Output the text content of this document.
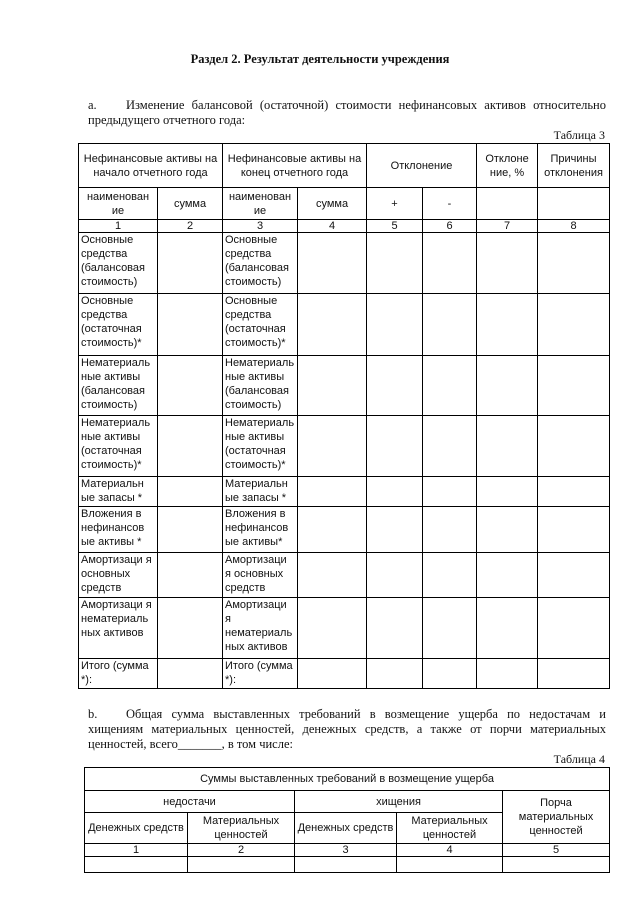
Раздел 2. Результат деятельности учреждения
a. Изменение балансовой (остаточной) стоимости нефинансовых активов относительно предыдущего отчетного года:
Таблица 3
Нефинансовые активы на начало отчетного года		Нефинансовые активы на конец отчетного года		Отклонение		Отклоне ние, %	Причины отклонения
наименован ие	сумма	наименован ие	сумма	+	-		
1	2	3	4	5	6	7	8
Основные средства (балансовая стоимость)		Основные средства (балансовая стоимость)					
Основные средства (остаточная стоимость)*		Основные средства (остаточная стоимость)*					
Нематериаль ные активы (балансовая стоимость)		Нематериаль ные активы (балансовая стоимость)					
Нематериаль ные активы (остаточная стоимость)*		Нематериаль ные активы (остаточная стоимость)*					
Материальн ые запасы *		Материальн ые запасы *					
Вложения в нефинансов ые активы *		Вложения в нефинансов ые активы*					
Амортизаци я основных средств		Амортизаци я основных средств					
Амортизаци я нематериаль ных активов		Амортизаци я нематериаль ных активов					
Итого (сумма *):		Итого (сумма *):					
b. Общая сумма выставленных требований в возмещение ущерба по недостачам и хищениям материальных ценностей, денежных средств, а также от порчи материальных ценностей, всего_______, в том числе:
Таблица 4
Суммы выставленных требований в возмещение ущерба				
недостачи		хищения		Порча материальных ценностей
Денежных средств	Материальных ценностей	Денежных средств	Материальных ценностей	
1	2	3	4	5
